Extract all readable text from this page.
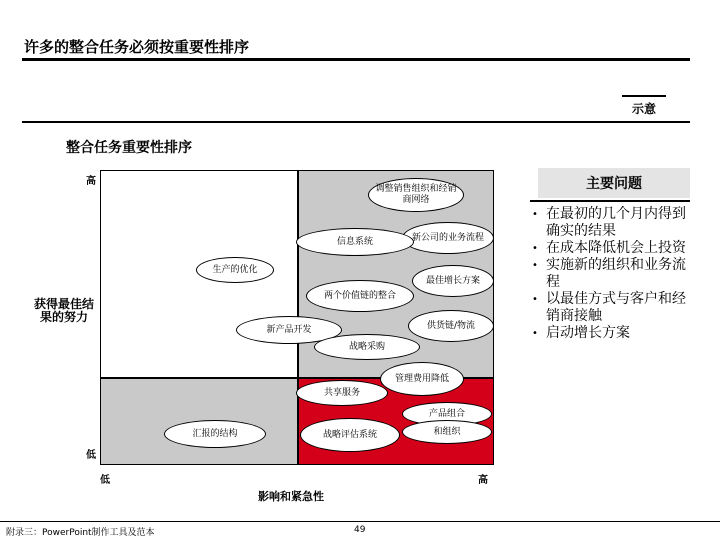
许多的整合任务必须按重要性排序
示意
整合任务重要性排序
调整销售组织和经销商网络
新公司的业务流程
信息系统
生产的优化
最佳增长方案
两个价值链的整合
供货链/物流
新产品开发
战略采购
管理费用降低
共享服务
产品组合
和组织
汇报的结构	战略评估系统
高
低
获得最佳结果的努力
低	高
影响和紧急性
主要问题
• 在最初的几个月内得到确实的结果
• 在成本降低机会上投资
• 实施新的组织和业务流程
• 以最佳方式与客户和经销商接触
• 启动增长方案
附录三：PowerPoint制作工具及范本	49
